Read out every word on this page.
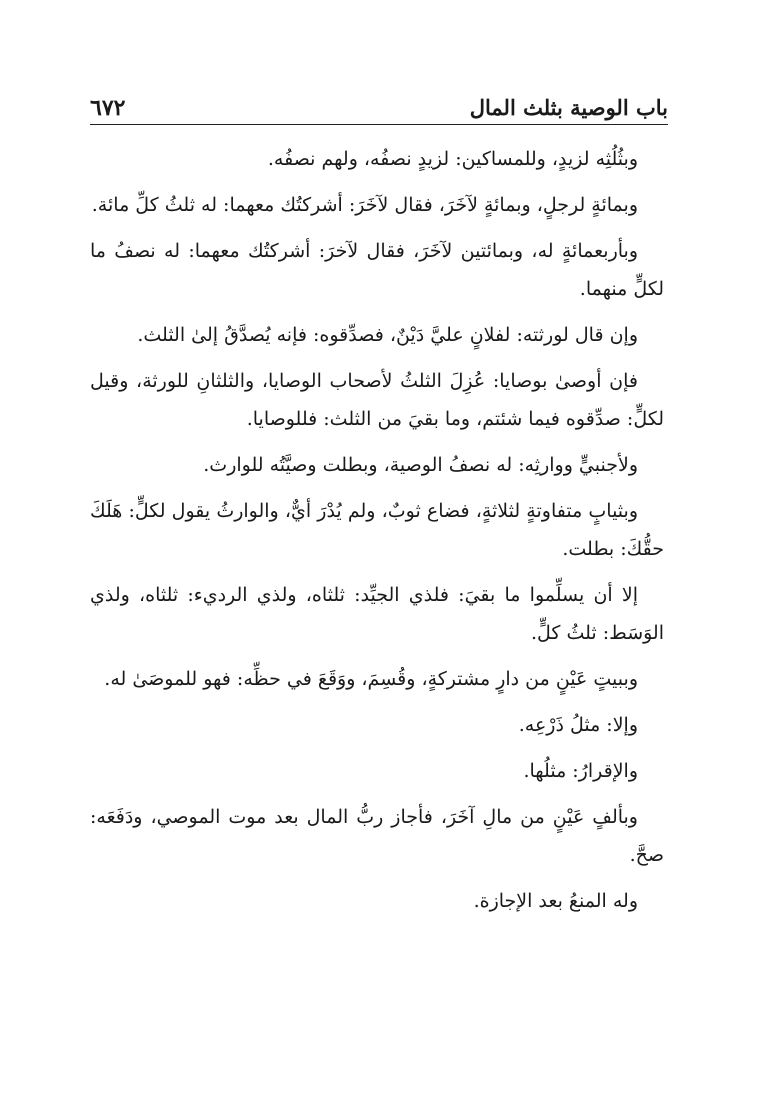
٦٧٢	باب الوصية بثلث المال

وبثُلُثِه لزيدٍ، وللمساكين: لزيدٍ نصفُه، ولهم نصفُه.

وبمائةٍ لرجلٍ، وبمائةٍ لآخَرَ، فقال لآخَرَ: أشركتُك معهما: له ثلثُ كلِّ مائة.

وبأربعمائةٍ له، وبمائتين لآخَرَ، فقال لآخرَ: أشركتُك معهما: له نصفُ ما لكلٍّ منهما.

وإن قال لورثته: لفلانٍ عليَّ دَيْنٌ، فصدِّقوه: فإنه يُصدَّقُ إلىٰ الثلث.

فإن أوصىٰ بوصايا: عُزِلَ الثلثُ لأصحاب الوصايا، والثلثانِ للورثة، وقيل لكلٍّ: صدِّقوه فيما شئتم، وما بقيَ من الثلث: فللوصايا.

ولأجنبيٍّ ووارثِه: له نصفُ الوصية، وبطلت وصيَّتُه للوارث.

وبثيابٍ متفاوتةٍ لثلاثةٍ، فضاع ثوبٌ، ولم يُدْرَ أيٌّ، والوارثُ يقول لكلٍّ: هَلَكَ حقُّكَ: بطلت.

إلا أن يسلِّموا ما بقيَ: فلذي الجيِّد: ثلثاه، ولذي الرديء: ثلثاه، ولذي الوَسَط: ثلثُ كلٍّ.

وببيتٍ عَيْنٍ من دارٍ مشتركةٍ، وقُسِمَ، ووَقَعَ في حظِّه: فهو للموصَىٰ له.

وإلا: مثلُ ذَرْعِه.

والإقرارُ: مثلُها.

وبألفٍ عَيْنٍ من مالِ آخَرَ، فأجاز ربُّ المال بعد موت الموصي، ودَفَعَه: صحَّ.

وله المنعُ بعد الإجازة.
